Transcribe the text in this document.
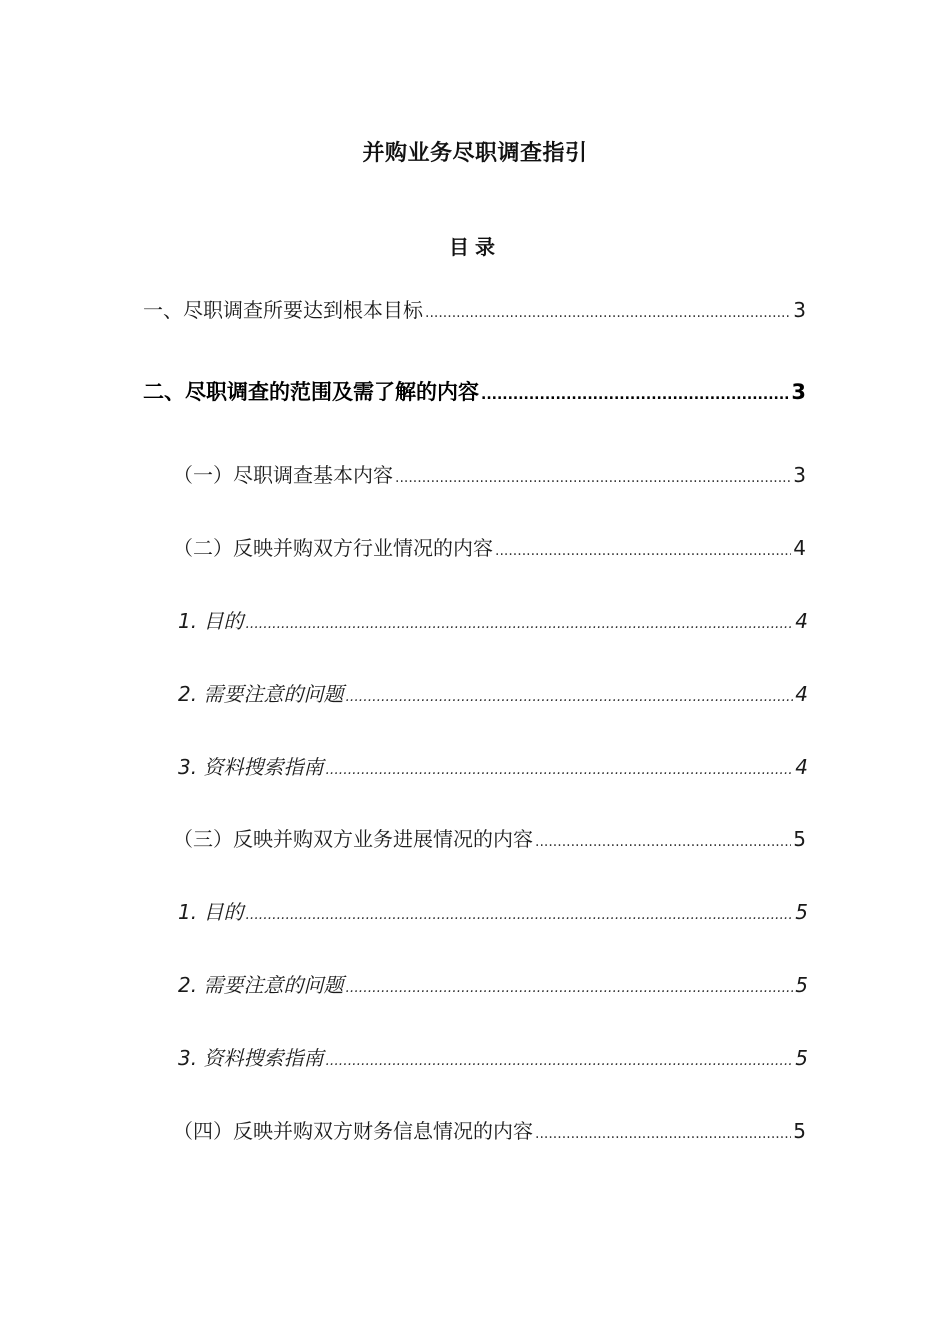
并购业务尽职调查指引
目录
一、尽职调查所要达到根本目标 .....	3
二、尽职调查的范围及需了解的内容 .....	3
（一）尽职调查基本内容 .....	3
（二）反映并购双方行业情况的内容 .....	4
1. 目的 .....	4
2. 需要注意的问题 .....	4
3. 资料搜索指南 .....	4
（三）反映并购双方业务进展情况的内容 .....	5
1. 目的 .....	5
2. 需要注意的问题 .....	5
3. 资料搜索指南 .....	5
（四）反映并购双方财务信息情况的内容 .....	5
